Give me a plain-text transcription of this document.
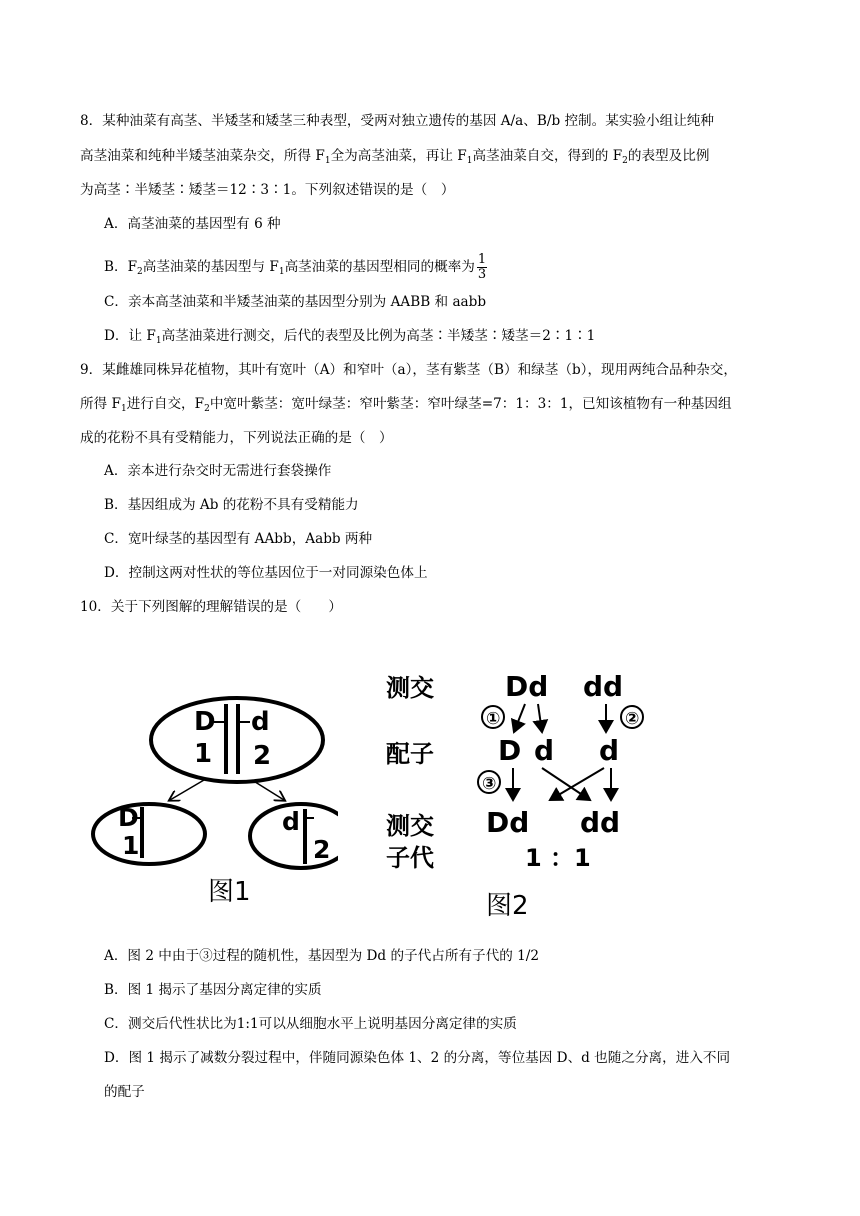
8．某种油菜有高茎、半矮茎和矮茎三种表型，受两对独立遗传的基因 A/a、B/b 控制。某实验小组让纯种
高茎油菜和纯种半矮茎油菜杂交，所得 $F_1$全为高茎油菜，再让 $F_1$高茎油菜自交，得到的 $F_2$的表型及比例
为高茎∶半矮茎∶矮茎＝12∶3∶1。下列叙述错误的是（　）
A．高茎油菜的基因型有 6 种
B．$F_2$高茎油菜的基因型与 $F_1$高茎油菜的基因型相同的概率为 $\frac{1}{3}$
C．亲本高茎油菜和半矮茎油菜的基因型分别为 AABB 和 aabb
D．让 $F_1$高茎油菜进行测交，后代的表型及比例为高茎∶半矮茎∶矮茎＝2∶1∶1
9．某雌雄同株异花植物，其叶有宽叶（A）和窄叶（a），茎有紫茎（B）和绿茎（b），现用两纯合品种杂交，
所得 $F_1$进行自交，$F_2$中宽叶紫茎：宽叶绿茎：窄叶紫茎：窄叶绿茎=7：1：3：1，已知该植物有一种基因组
成的花粉不具有受精能力，下列说法正确的是（　）
A．亲本进行杂交时无需进行套袋操作
B．基因组成为 Ab 的花粉不具有受精能力
C．宽叶绿茎的基因型有 AAbb，Aabb 两种
D．控制这两对性状的等位基因位于一对同源染色体上
10．关于下列图解的理解错误的是（　　）
D d
1 2
D
1
d
2
图1
测交	Dd dd
①	②
配子 D d d
③
测交
子代
Dd dd
1 ：1
图2
A．图 2 中由于③过程的随机性，基因型为 Dd 的子代占所有子代的 1/2
B．图 1 揭示了基因分离定律的实质
C．测交后代性状比为1:1可以从细胞水平上说明基因分离定律的实质
D．图 1 揭示了减数分裂过程中，伴随同源染色体 1、2 的分离，等位基因 D、d 也随之分离，进入不同
的配子
